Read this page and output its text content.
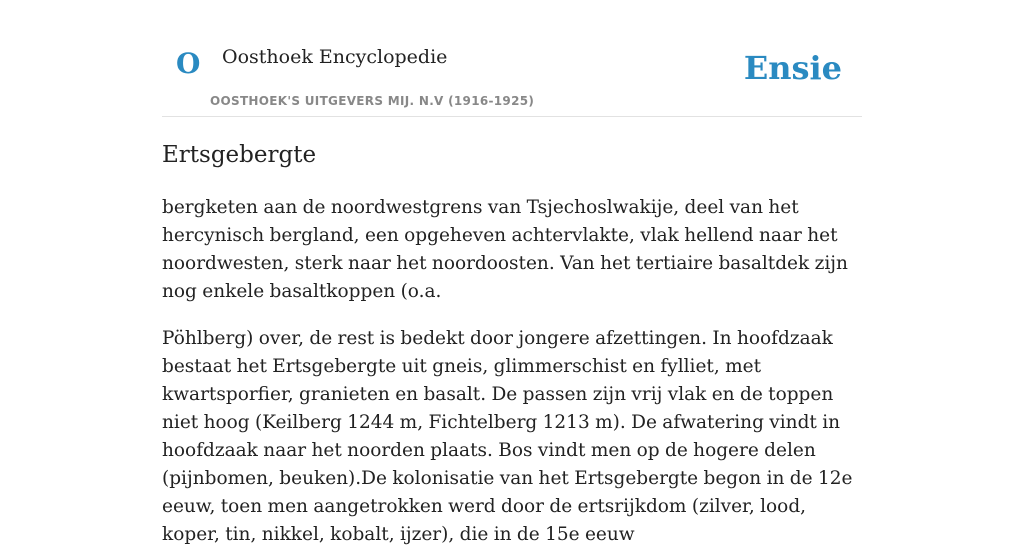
O Oosthoek Encyclopedie
OOSTHOEK'S UITGEVERS MIJ. N.V (1916-1925)
Ensie
Ertsgebergte

bergketen aan de noordwestgrens van Tsjechoslwakije, deel van het hercynisch bergland, een opgeheven achtervlakte, vlak hellend naar het noordwesten, sterk naar het noordoosten. Van het tertiaire basaltdek zijn nog enkele basaltkoppen (o.a.

Pöhlberg) over, de rest is bedekt door jongere afzettingen. In hoofdzaak bestaat het Ertsgebergte uit gneis, glimmerschist en fylliet, met kwartsporfier, granieten en basalt. De passen zijn vrij vlak en de toppen niet hoog (Keilberg 1244 m, Fichtelberg 1213 m). De afwatering vindt in hoofdzaak naar het noorden plaats. Bos vindt men op de hogere delen (pijnbomen, beuken).De kolonisatie van het Ertsgebergte begon in de 12e eeuw, toen men aangetrokken werd door de ertsrijkdom (zilver, lood, koper, tin, nikkel, kobalt, ijzer), die in de 15e eeuw
